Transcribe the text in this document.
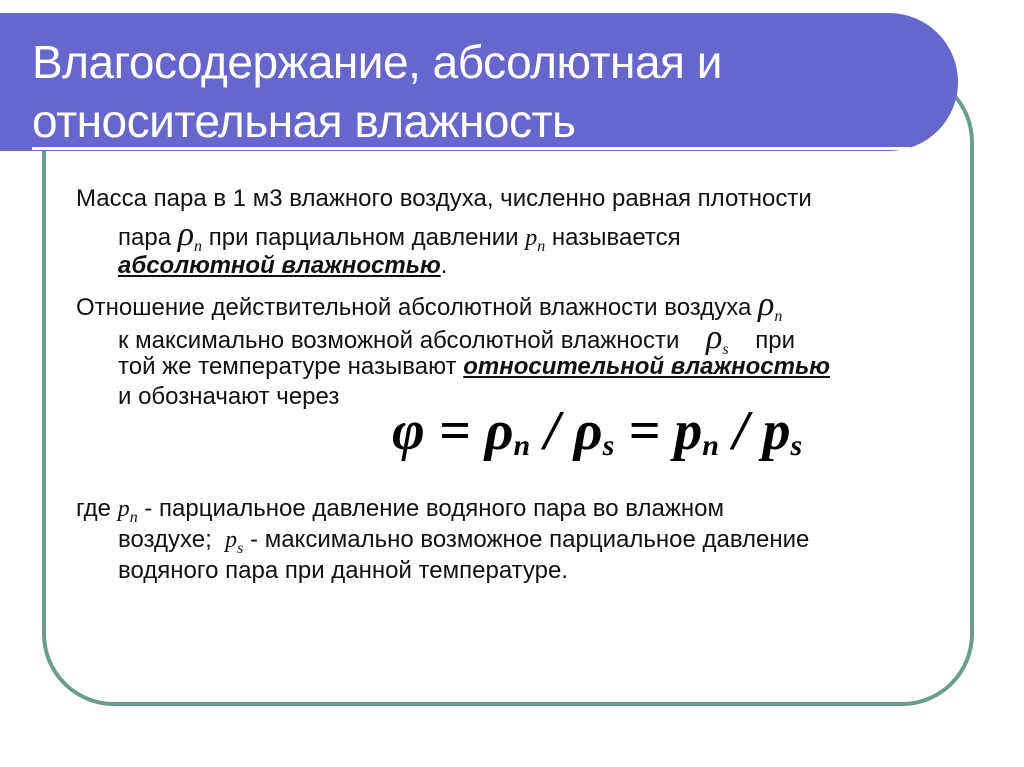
Влагосодержание, абсолютная и
относительная влажность
Масса пара в 1 м3 влажного воздуха, численно равная плотности
пара $\rho_n$ при парциальном давлении $p_n$ называется
абсолютной влажностью.
Отношение действительной абсолютной влажности воздуха $\rho_n$
к максимально возможной абсолютной влажности $\rho_s$ при
той же температуре называют относительной влажностью
и обозначают через
где $p_n$ - парциальное давление водяного пара во влажном
воздухе; $p_s$ - максимально возможное парциальное давление
водяного пара при данной температуре.
$\varphi = \rho_n / \rho_s = p_n / p_s$
